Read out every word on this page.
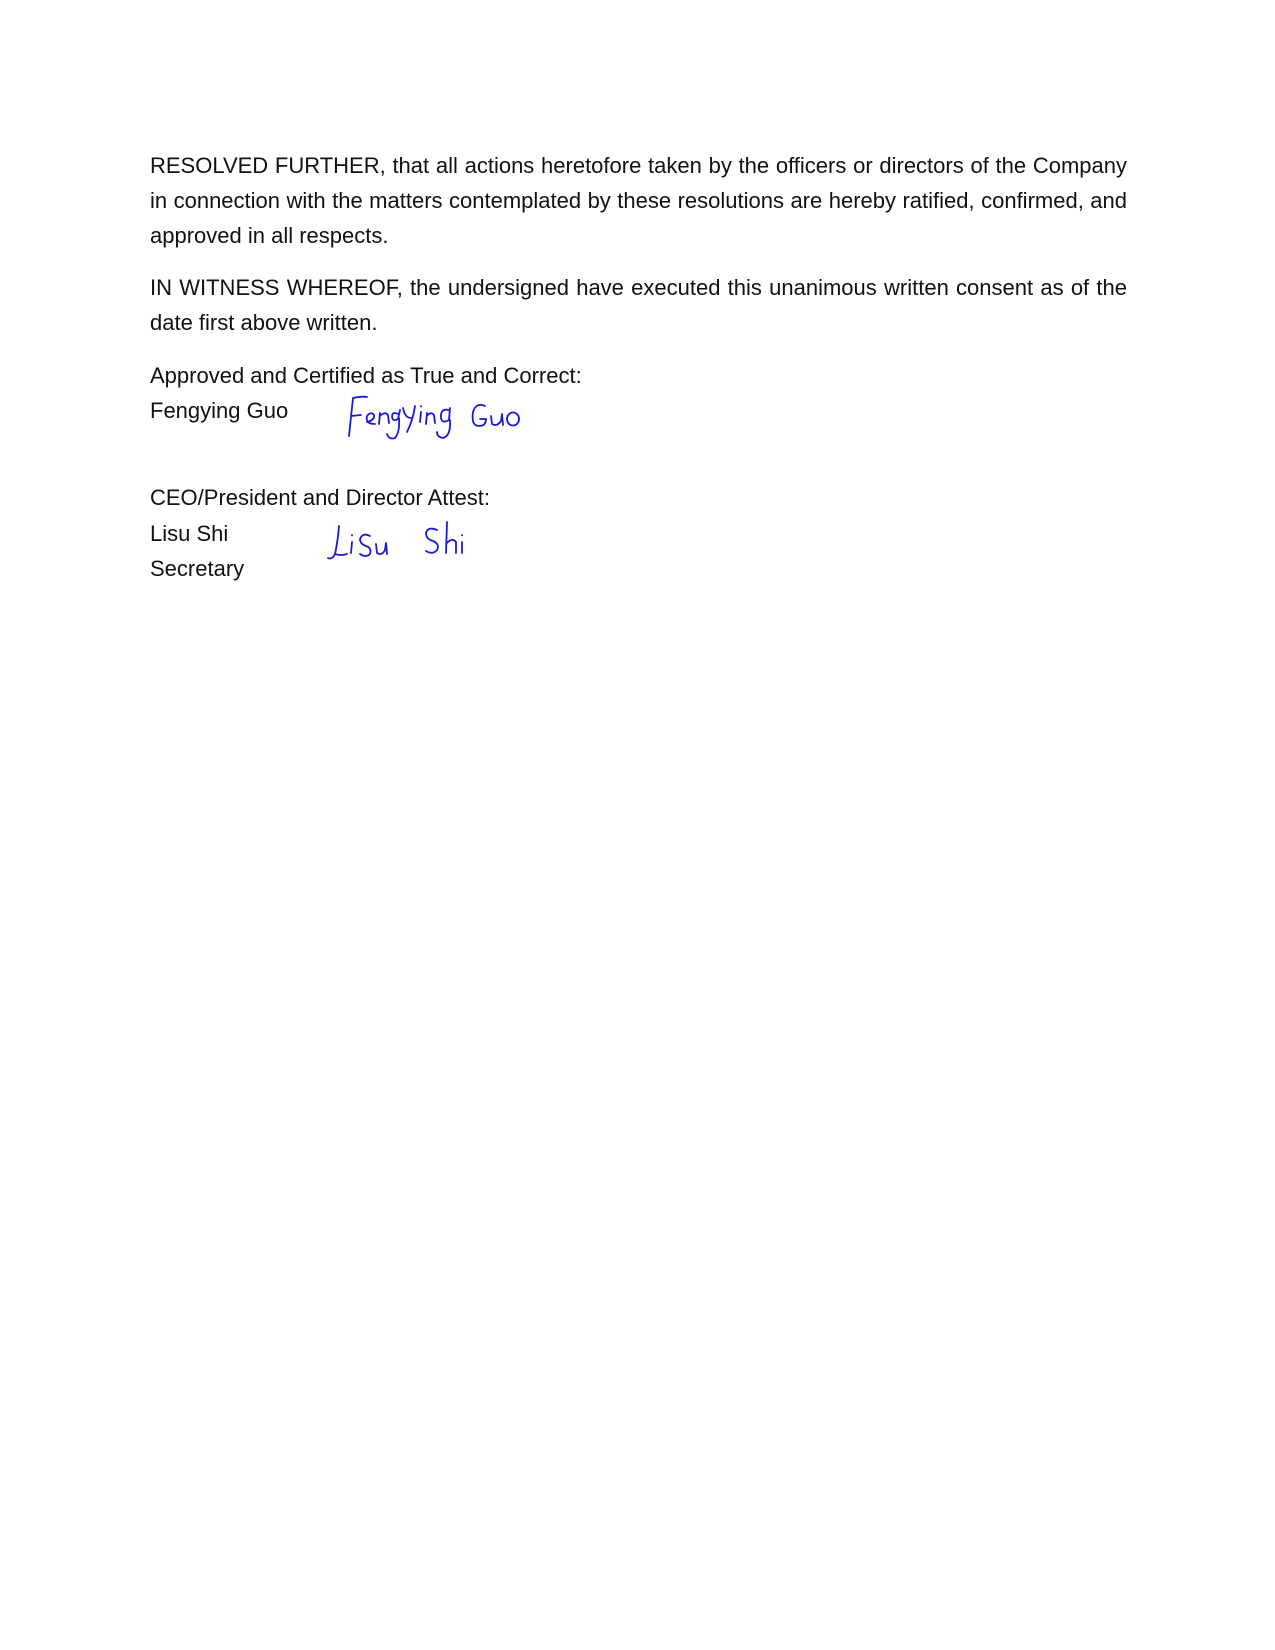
RESOLVED FURTHER, that all actions heretofore taken by the officers or directors of the Company in connection with the matters contemplated by these resolutions are hereby ratified, confirmed, and approved in all respects.

IN WITNESS WHEREOF, the undersigned have executed this unanimous written consent as of the date first above written.

Approved and Certified as True and Correct:
Fengying Guo
CEO/President and Director Attest:
Lisu Shi
Secretary
